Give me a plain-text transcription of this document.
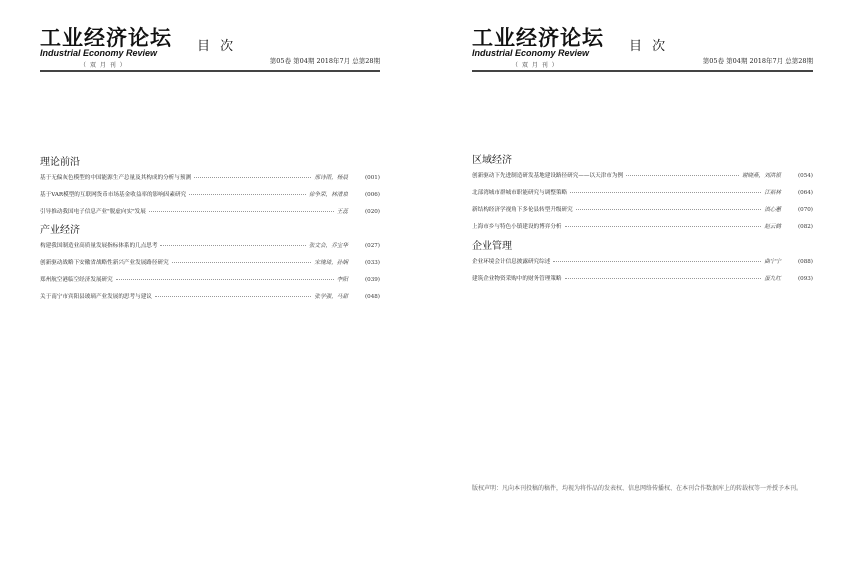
工业经济论坛
Industrial Economy Review
（ 双 月 刊 ）
目 次
第05卷 第04期 2018年7月 总第28期
理论前沿
基于无偏灰色模型的中国能源生产总量及其构成的分析与预测	邢诗雨，杨晨	(001)
基于VAR模型的互联网货币市场基金收益率的影响因素研究	徐争荣，林清泉	(006)
引导推动我国电子信息产业"脱虚向实"发展	王蕊	(020)
产业经济
构建我国制造业高质量发展指标体系的几点思考	张文会，乔宝华	(027)
创新驱动战略下安徽省战略性新兴产业发展路径研究	宋瑰琦，孙娴	(033)
郑州航空港临空经济发展研究	李阳	(039)
关于南宁市宾阳县玻璃产业发展的思考与建议	张学强，马甜	(048)
工业经济论坛
Industrial Economy Review
（ 双 月 刊 ）
目 次
第05卷 第04期 2018年7月 总第28期
区域经济
创新驱动下先进制造研发基地建设路径研究——以天津市为例	谢晓燕，刘洪银	(054)
北部湾城市群城市职能研究与调整策略	江裕林	(064)
新结构经济学视角下多伦县转型升级研究	滇心蕙	(070)
上海市乡与特色小镇建设的博弈分析	赵云鹤	(082)
企业管理
企业环境会计信息披露研究综述	曲宁宁	(088)
建筑企业物资采购中的财务管理策略	蛋九红	(093)
版权声明：凡向本刊投稿的稿件，均视为将作品的发表权、信息网络传播权、在本刊合作数据库上的转载权等一并授予本刊。
